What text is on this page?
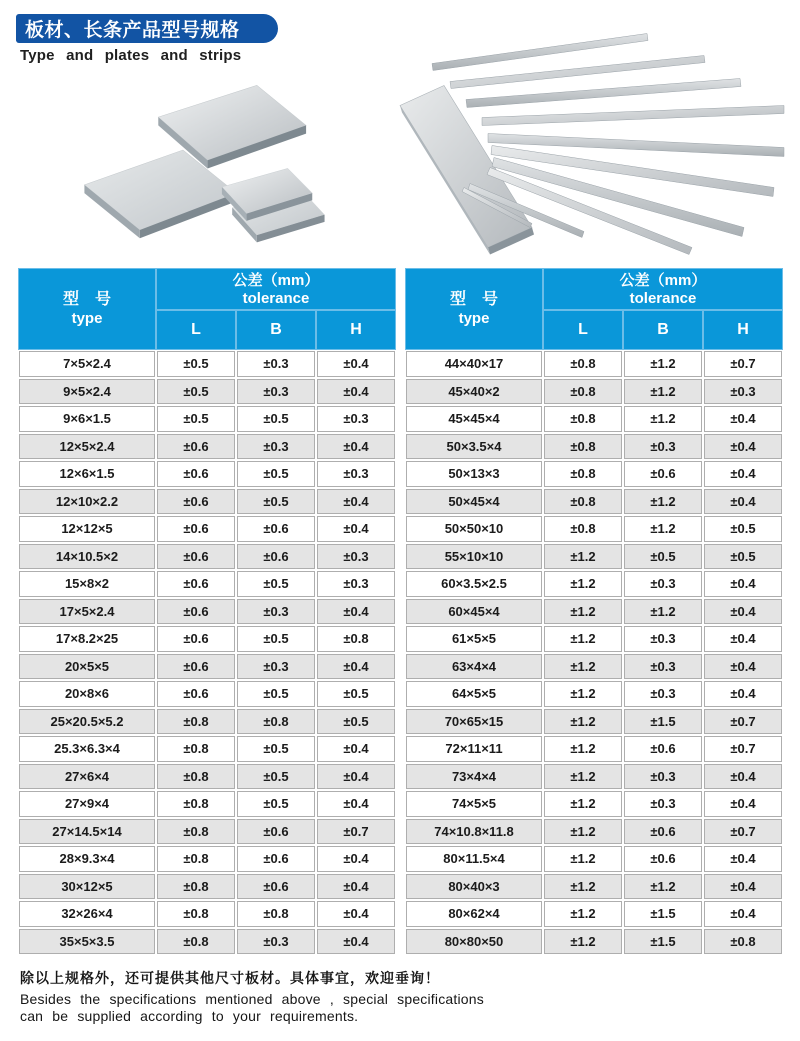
板材、长条产品型号规格
Type and plates and strips
型　号
type
公差（mm）
tolerance
L	B	H
7×5×2.4	±0.5	±0.3	±0.4
9×5×2.4	±0.5	±0.3	±0.4
9×6×1.5	±0.5	±0.5	±0.3
12×5×2.4	±0.6	±0.3	±0.4
12×6×1.5	±0.6	±0.5	±0.3
12×10×2.2	±0.6	±0.5	±0.4
12×12×5	±0.6	±0.6	±0.4
14×10.5×2	±0.6	±0.6	±0.3
15×8×2	±0.6	±0.5	±0.3
17×5×2.4	±0.6	±0.3	±0.4
17×8.2×25	±0.6	±0.5	±0.8
20×5×5	±0.6	±0.3	±0.4
20×8×6	±0.6	±0.5	±0.5
25×20.5×5.2	±0.8	±0.8	±0.5
25.3×6.3×4	±0.8	±0.5	±0.4
27×6×4	±0.8	±0.5	±0.4
27×9×4	±0.8	±0.5	±0.4
27×14.5×14	±0.8	±0.6	±0.7
28×9.3×4	±0.8	±0.6	±0.4
30×12×5	±0.8	±0.6	±0.4
32×26×4	±0.8	±0.8	±0.4
35×5×3.5	±0.8	±0.3	±0.4
型　号
type
公差（mm）
tolerance
L	B	H
44×40×17	±0.8	±1.2	±0.7
45×40×2	±0.8	±1.2	±0.3
45×45×4	±0.8	±1.2	±0.4
50×3.5×4	±0.8	±0.3	±0.4
50×13×3	±0.8	±0.6	±0.4
50×45×4	±0.8	±1.2	±0.4
50×50×10	±0.8	±1.2	±0.5
55×10×10	±1.2	±0.5	±0.5
60×3.5×2.5	±1.2	±0.3	±0.4
60×45×4	±1.2	±1.2	±0.4
61×5×5	±1.2	±0.3	±0.4
63×4×4	±1.2	±0.3	±0.4
64×5×5	±1.2	±0.3	±0.4
70×65×15	±1.2	±1.5	±0.7
72×11×11	±1.2	±0.6	±0.7
73×4×4	±1.2	±0.3	±0.4
74×5×5	±1.2	±0.3	±0.4
74×10.8×11.8	±1.2	±0.6	±0.7
80×11.5×4	±1.2	±0.6	±0.4
80×40×3	±1.2	±1.2	±0.4
80×62×4	±1.2	±1.5	±0.4
80×80×50	±1.2	±1.5	±0.8
除以上规格外，还可提供其他尺寸板材。具体事宜，欢迎垂询！
Besides the specifications mentioned above , special specifications
can be supplied according to your requirements.
